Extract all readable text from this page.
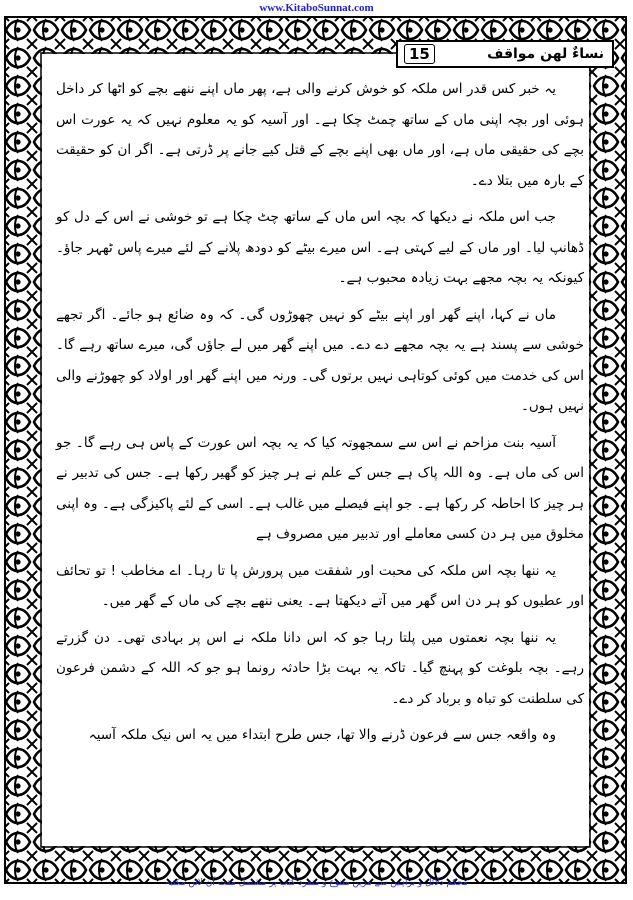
www.KitaboSunnat.com
15	نساءٌ لهن مواقف

یہ خبر کس قدر اس ملکہ کو خوش کرنے والی ہے، پھر ماں اپنے ننھے بچے کو اٹھا کر داخل ہوئی اور بچہ اپنی ماں کے ساتھ چمٹ چکا ہے۔ اور آسیہ کو یہ معلوم نہیں کہ یہ عورت اس بچے کی حقیقی ماں ہے، اور ماں بھی اپنے بچے کے قتل کیے جانے پر ڈرتی ہے۔ اگر ان کو حقیقت کے بارہ میں بتلا دے۔

جب اس ملکہ نے دیکھا کہ بچہ اس ماں کے ساتھ چٹ چکا ہے تو خوشی نے اس کے دل کو ڈھانپ لیا۔ اور ماں کے لیے کہتی ہے۔ اس میرے بیٹے کو دودھ پلانے کے لئے میرے پاس ٹھہر جاؤ۔ کیونکہ یہ بچہ مجھے بہت زیادہ محبوب ہے۔

ماں نے کہا، اپنے گھر اور اپنے بیٹے کو نہیں چھوڑوں گی۔ کہ وہ ضائع ہو جائے۔ اگر تجھے خوشی سے پسند ہے یہ بچہ مجھے دے دے۔ میں اپنے گھر میں لے جاؤں گی، میرے ساتھ رہے گا۔ اس کی خدمت میں کوئی کوتاہی نہیں برتوں گی۔ ورنہ میں اپنے گھر اور اولاد کو چھوڑنے والی نہیں ہوں۔

آسیہ بنت مزاحم نے اس سے سمجھوتہ کیا کہ یہ بچہ اس عورت کے پاس ہی رہے گا۔ جو اس کی ماں ہے۔ وہ اللہ پاک ہے جس کے علم نے ہر چیز کو گھیر رکھا ہے۔ جس کی تدبیر نے ہر چیز کا احاطہ کر رکھا ہے۔ جو اپنے فیصلے میں غالب ہے۔ اسی کے لئے پاکیزگی ہے۔ وہ اپنی مخلوق میں ہر دن کسی معاملے اور تدبیر میں مصروف ہے

یہ ننھا بچہ اس ملکہ کی محبت اور شفقت میں پرورش پا تا رہا۔ اے مخاطب ! تو تحائف اور عطیوں کو ہر دن اس گھر میں آتے دیکھتا ہے۔ یعنی ننھے بچے کی ماں کے گھر میں۔

یہ ننھا بچہ نعمتوں میں پلتا رہا جو کہ اس دانا ملکہ نے اس پر بہادی تھی۔ دن گزرتے رہے۔ بچہ بلوغت کو پہنچ گیا۔ تاکہ یہ بہت بڑا حادثہ رونما ہو جو کہ اللہ کے دشمن فرعون کی سلطنت کو تباہ و برباد کر دے۔

وہ واقعہ جس سے فرعون ڈرنے والا تھا، جس طرح ابتداء میں یہ اس نیک ملکہ آسیہ

محکم دلائل و براہین سے مزین متنوع و منفرد کتب پر مشتمل مفت آن لائن مکتبہ
